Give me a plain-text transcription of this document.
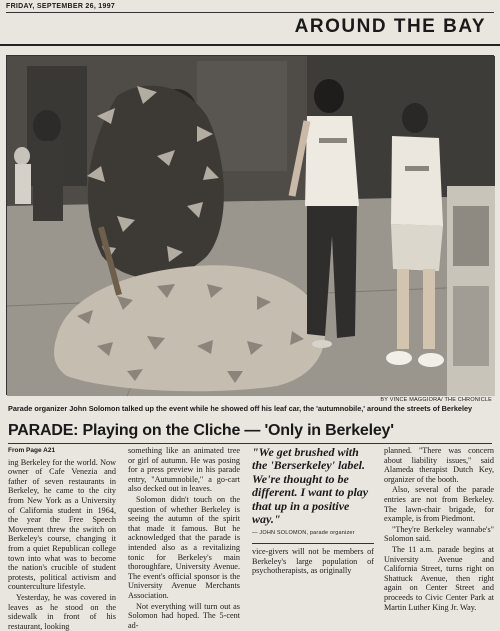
FRIDAY, SEPTEMBER 26, 1997
AROUND THE BAY
BY VINCE MAGGIORA/ THE CHRONICLE
Parade organizer John Solomon talked up the event while he showed off his leaf car, the 'autumnobile,' around the streets of Berkeley
PARADE: Playing on the Cliche — 'Only in Berkeley'
From Page A21

ing Berkeley for the world. Now owner of Cafe Venezia and father of seven restaurants in Berkeley, he came to the city from New York as a University of California student in 1964, the year the Free Speech Movement threw the switch on Berkeley's course, changing it from a quiet Republican college town into what was to become the nation's crucible of student protests, political activism and counterculture lifestyle.

Yesterday, he was covered in leaves as he stood on the sidewalk in front of his restaurant, looking

something like an animated tree or girl of autumn. He was posing for a press preview in his parade entry, "Autumnobile," a go-cart also decked out in leaves.

Solomon didn't touch on the question of whether Berkeley is seeing the autumn of the spirit that made it famous. But he acknowledged that the parade is intended also as a revitalizing tonic for Berkeley's main thoroughfare, University Avenue. The event's official sponsor is the University Avenue Merchants Association.

Not everything will turn out as Solomon had hoped. The 5-cent ad-

"We get brushed with the 'Berserkeley' label. We're thought to be different. I want to play that up in a positive way."
— JOHN SOLOMON, parade organizer

vice-givers will not be members of Berkeley's large population of psychotherapists, as originally

planned. "There was concern about liability issues," said Alameda therapist Dutch Key, organizer of the booth.

Also, several of the parade entries are not from Berkeley. The lawn-chair brigade, for example, is from Piedmont.

"They're Berkeley wannabe's" Solomon said.

The 11 a.m. parade begins at University Avenue and California Street, turns right on Shattuck Avenue, then right again on Center Street and proceeds to Civic Center Park at Martin Luther King Jr. Way.
